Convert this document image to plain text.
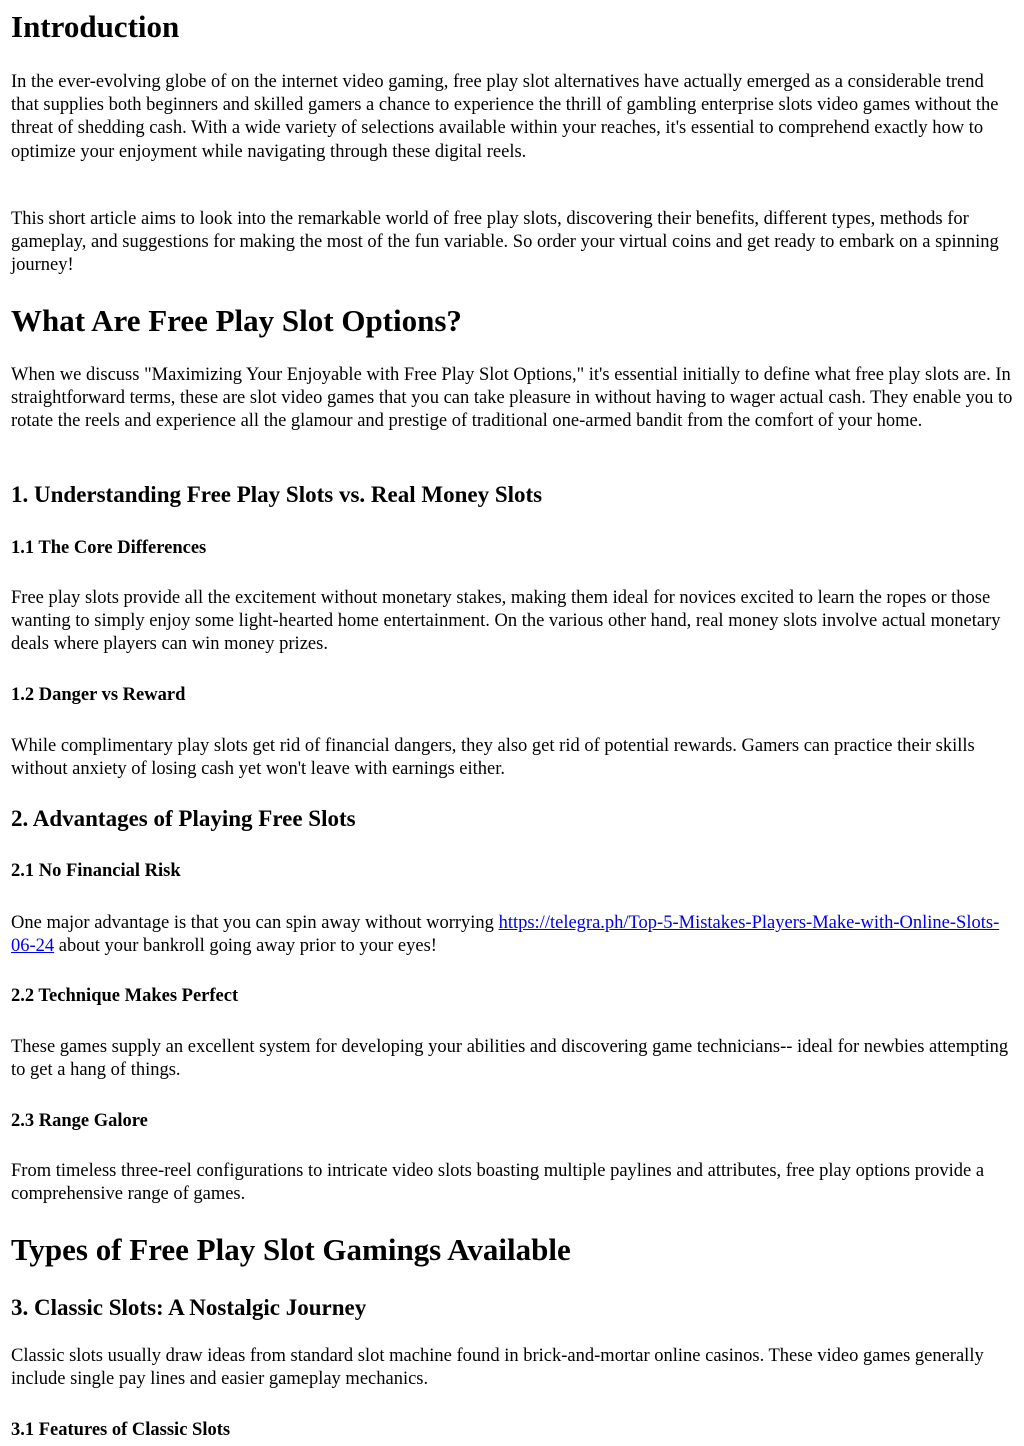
Introduction

In the ever-evolving globe of on the internet video gaming, free play slot alternatives have actually emerged as a considerable trend that supplies both beginners and skilled gamers a chance to experience the thrill of gambling enterprise slots video games without the threat of shedding cash. With a wide variety of selections available within your reaches, it's essential to comprehend exactly how to optimize your enjoyment while navigating through these digital reels.

This short article aims to look into the remarkable world of free play slots, discovering their benefits, different types, methods for gameplay, and suggestions for making the most of the fun variable. So order your virtual coins and get ready to embark on a spinning journey!

What Are Free Play Slot Options?

When we discuss "Maximizing Your Enjoyable with Free Play Slot Options," it's essential initially to define what free play slots are. In straightforward terms, these are slot video games that you can take pleasure in without having to wager actual cash. They enable you to rotate the reels and experience all the glamour and prestige of traditional one-armed bandit from the comfort of your home.

1. Understanding Free Play Slots vs. Real Money Slots
1.1 The Core Differences

Free play slots provide all the excitement without monetary stakes, making them ideal for novices excited to learn the ropes or those wanting to simply enjoy some light-hearted home entertainment. On the various other hand, real money slots involve actual monetary deals where players can win money prizes.

1.2 Danger vs Reward

While complimentary play slots get rid of financial dangers, they also get rid of potential rewards. Gamers can practice their skills without anxiety of losing cash yet won't leave with earnings either.

2. Advantages of Playing Free Slots
2.1 No Financial Risk

One major advantage is that you can spin away without worrying https://telegra.ph/Top-5-Mistakes-Players-Make-with-Online-Slots-06-24 about your bankroll going away prior to your eyes!

2.2 Technique Makes Perfect

These games supply an excellent system for developing your abilities and discovering game technicians-- ideal for newbies attempting to get a hang of things.

2.3 Range Galore

From timeless three-reel configurations to intricate video slots boasting multiple paylines and attributes, free play options provide a comprehensive range of games.

Types of Free Play Slot Gamings Available
3. Classic Slots: A Nostalgic Journey

Classic slots usually draw ideas from standard slot machine found in brick-and-mortar online casinos. These video games generally include single pay lines and easier gameplay mechanics.

3.1 Features of Classic Slots
